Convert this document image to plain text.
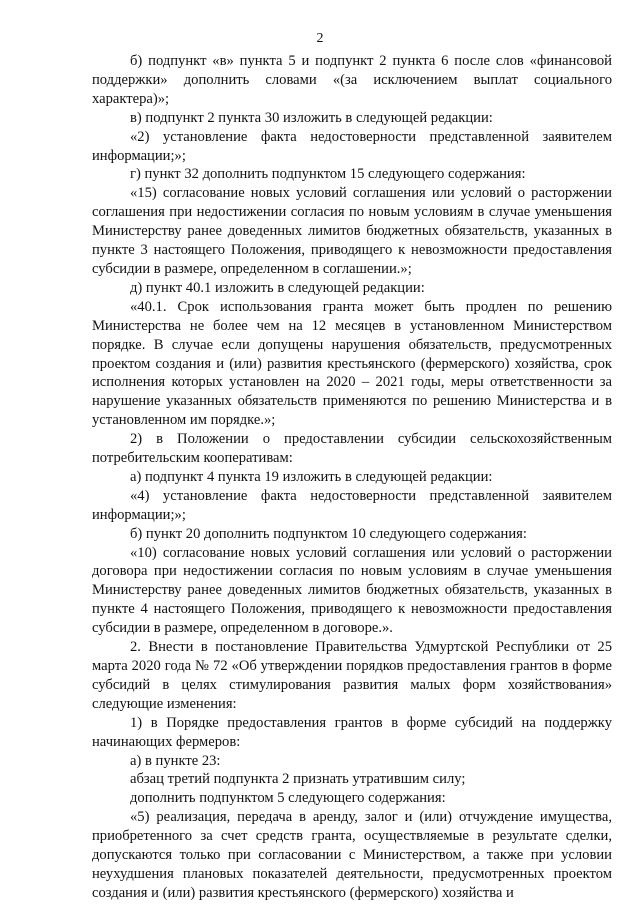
2

б) подпункт «в» пункта 5 и подпункт 2 пункта 6 после слов «финансовой поддержки» дополнить словами «(за исключением выплат социального характера)»;

в) подпункт 2 пункта 30 изложить в следующей редакции:

«2) установление факта недостоверности представленной заявителем информации;»;

г) пункт 32 дополнить подпунктом 15 следующего содержания:

«15) согласование новых условий соглашения или условий о расторжении соглашения при недостижении согласия по новым условиям в случае уменьшения Министерству ранее доведенных лимитов бюджетных обязательств, указанных в пункте 3 настоящего Положения, приводящего к невозможности предоставления субсидии в размере, определенном в соглашении.»;

д) пункт 40.1 изложить в следующей редакции:

«40.1. Срок использования гранта может быть продлен по решению Министерства не более чем на 12 месяцев в установленном Министерством порядке. В случае если допущены нарушения обязательств, предусмотренных проектом создания и (или) развития крестьянского (фермерского) хозяйства, срок исполнения которых установлен на 2020 – 2021 годы, меры ответственности за нарушение указанных обязательств применяются по решению Министерства и в установленном им порядке.»;

2) в Положении о предоставлении субсидии сельскохозяйственным потребительским кооперативам:

а) подпункт 4 пункта 19 изложить в следующей редакции:

«4) установление факта недостоверности представленной заявителем информации;»;

б) пункт 20 дополнить подпунктом 10 следующего содержания:

«10) согласование новых условий соглашения или условий о расторжении договора при недостижении согласия по новым условиям в случае уменьшения Министерству ранее доведенных лимитов бюджетных обязательств, указанных в пункте 4 настоящего Положения, приводящего к невозможности предоставления субсидии в размере, определенном в договоре.».

2. Внести в постановление Правительства Удмуртской Республики от 25 марта 2020 года № 72 «Об утверждении порядков предоставления грантов в форме субсидий в целях стимулирования развития малых форм хозяйствования» следующие изменения:

1) в Порядке предоставления грантов в форме субсидий на поддержку начинающих фермеров:

а) в пункте 23:

абзац третий подпункта 2 признать утратившим силу;

дополнить подпунктом 5 следующего содержания:

«5) реализация, передача в аренду, залог и (или) отчуждение имущества, приобретенного за счет средств гранта, осуществляемые в результате сделки, допускаются только при согласовании с Министерством, а также при условии неухудшения плановых показателей деятельности, предусмотренных проектом создания и (или) развития крестьянского (фермерского) хозяйства и
